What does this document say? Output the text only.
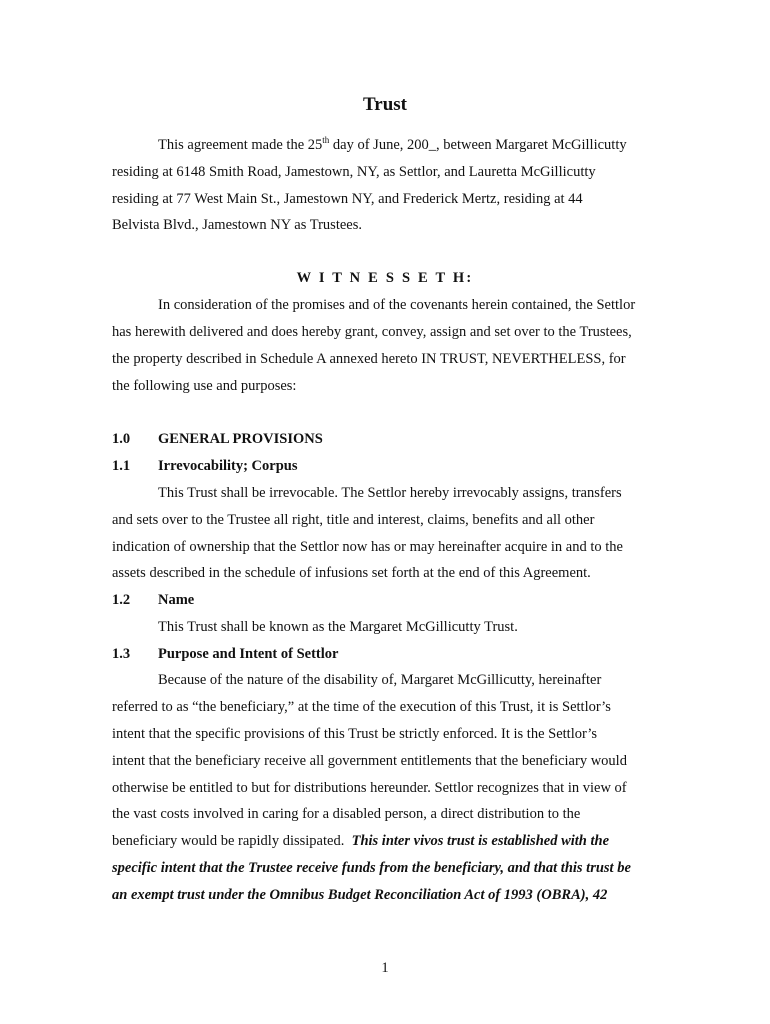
Trust
This agreement made the 25th day of June, 200_, between Margaret McGillicutty
residing at 6148 Smith Road, Jamestown, NY, as Settlor, and Lauretta McGillicutty
residing at 77 West Main St., Jamestown NY, and Frederick Mertz, residing at 44
Belvista Blvd., Jamestown NY as Trustees.
W I T N E S S E T H:
In consideration of the promises and of the covenants herein contained, the Settlor
has herewith delivered and does hereby grant, convey, assign and set over to the Trustees,
the property described in Schedule A annexed hereto IN TRUST, NEVERTHELESS, for
the following use and purposes:
1.0 GENERAL PROVISIONS
1.1 Irrevocability; Corpus
This Trust shall be irrevocable. The Settlor hereby irrevocably assigns, transfers
and sets over to the Trustee all right, title and interest, claims, benefits and all other
indication of ownership that the Settlor now has or may hereinafter acquire in and to the
assets described in the schedule of infusions set forth at the end of this Agreement.
1.2 Name
This Trust shall be known as the Margaret McGillicutty Trust.
1.3 Purpose and Intent of Settlor
Because of the nature of the disability of, Margaret McGillicutty, hereinafter
referred to as “the beneficiary,” at the time of the execution of this Trust, it is Settlor’s
intent that the specific provisions of this Trust be strictly enforced. It is the Settlor’s
intent that the beneficiary receive all government entitlements that the beneficiary would
otherwise be entitled to but for distributions hereunder. Settlor recognizes that in view of
the vast costs involved in caring for a disabled person, a direct distribution to the
beneficiary would be rapidly dissipated.  This inter vivos trust is established with the
specific intent that the Trustee receive funds from the beneficiary, and that this trust be
an exempt trust under the Omnibus Budget Reconciliation Act of 1993 (OBRA), 42
1
